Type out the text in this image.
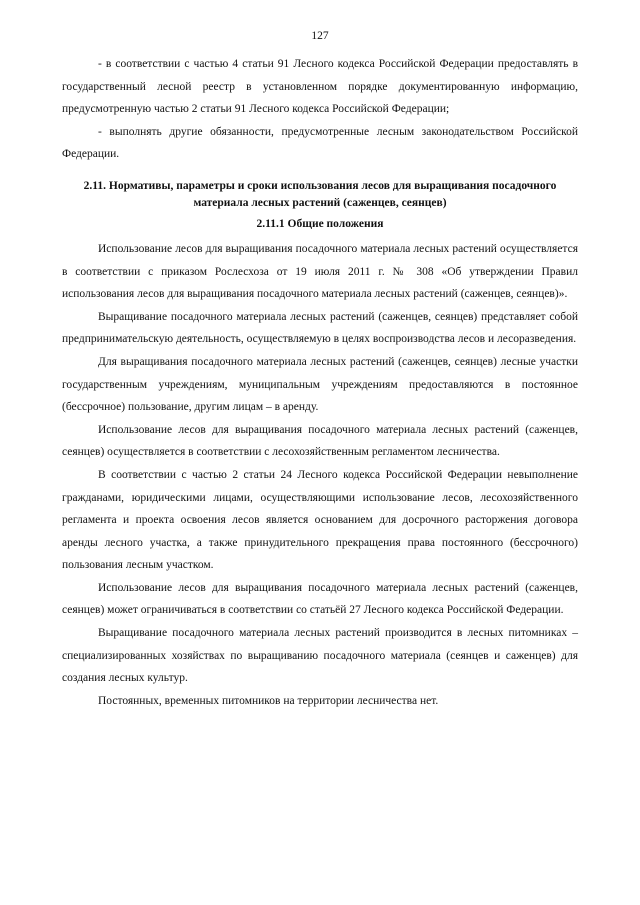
127

- в соответствии с частью 4 статьи 91 Лесного кодекса Российской Федерации предоставлять в государственный лесной реестр в установленном порядке документированную информацию, предусмотренную частью 2 статьи 91 Лесного кодекса Российской Федерации;

- выполнять другие обязанности, предусмотренные лесным законодательством Российской Федерации.

2.11. Нормативы, параметры и сроки использования лесов для выращивания посадочного материала лесных растений (саженцев, сеянцев)
2.11.1 Общие положения

Использование лесов для выращивания посадочного материала лесных растений осуществляется в соответствии с приказом Рослесхоза от 19 июля 2011 г. № 308 «Об утверждении Правил использования лесов для выращивания посадочного материала лесных растений (саженцев, сеянцев)».

Выращивание посадочного материала лесных растений (саженцев, сеянцев) представляет собой предпринимательскую деятельность, осуществляемую в целях воспроизводства лесов и лесоразведения.

Для выращивания посадочного материала лесных растений (саженцев, сеянцев) лесные участки государственным учреждениям, муниципальным учреждениям предоставляются в постоянное (бессрочное) пользование, другим лицам – в аренду.

Использование лесов для выращивания посадочного материала лесных растений (саженцев, сеянцев) осуществляется в соответствии с лесохозяйственным регламентом лесничества.

В соответствии с частью 2 статьи 24 Лесного кодекса Российской Федерации невыполнение гражданами, юридическими лицами, осуществляющими использование лесов, лесохозяйственного регламента и проекта освоения лесов является основанием для досрочного расторжения договора аренды лесного участка, а также принудительного прекращения права постоянного (бессрочного) пользования лесным участком.

Использование лесов для выращивания посадочного материала лесных растений (саженцев, сеянцев) может ограничиваться в соответствии со статьёй 27 Лесного кодекса Российской Федерации.

Выращивание посадочного материала лесных растений производится в лесных питомниках – специализированных хозяйствах по выращиванию посадочного материала (сеянцев и саженцев) для создания лесных культур.

Постоянных, временных питомников на территории лесничества нет.
